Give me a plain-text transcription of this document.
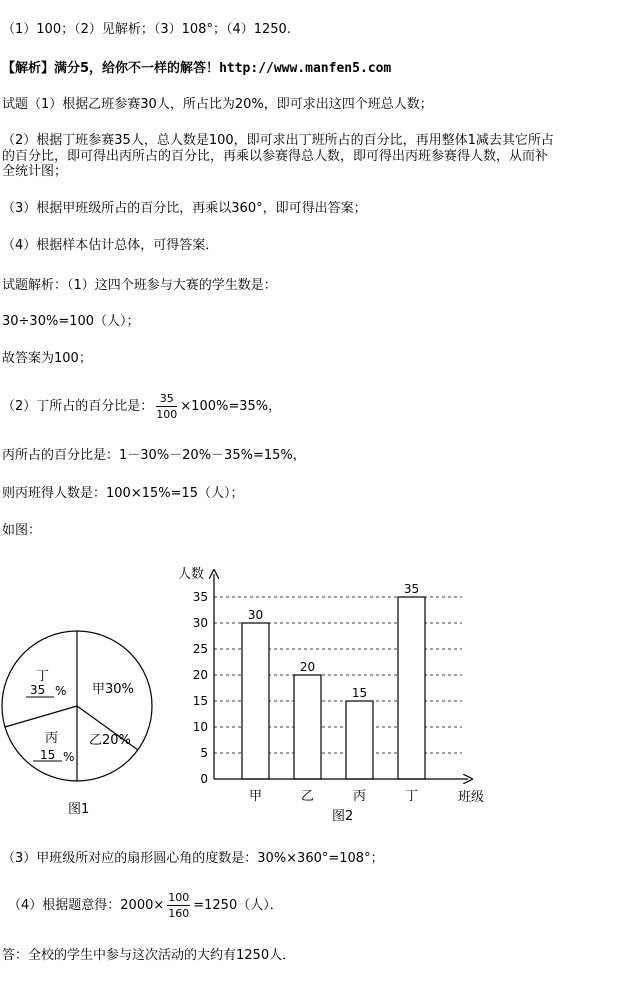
（1）100；（2）见解析；（3）108°；（4）1250.
【解析】满分5，给你不一样的解答！http://www.manfen5.com
试题（1）根据乙班参赛30人，所占比为20%，即可求出这四个班总人数；
（2）根据丁班参赛35人，总人数是100，即可求出丁班所占的百分比，再用整体1减去其它所占
的百分比，即可得出丙所占的百分比，再乘以参赛得总人数，即可得出丙班参赛得人数，从而补
全统计图；
（3）根据甲班级所占的百分比，再乘以360°，即可得出答案；
（4）根据样本估计总体，可得答案．
试题解析：（1）这四个班参与大赛的学生数是：
30÷30%=100（人）；
故答案为100；
（2）丁所占的百分比是： $\frac{35}{100} \times 100\%=35\%$，
丙所占的百分比是：1－30%－20%－35%=15%，
则丙班得人数是：100×15%=15（人）；
如图：
甲30%
乙20%
丙
15 %
丁
35 %
图1
30
20
15
35
0
5
10
15
20
25
30
35
甲	乙	丙	丁
人数
班级
图2
（3）甲班级所对应的扇形圆心角的度数是：30%×360°=108°；
（4）根据题意得：$2000\times \frac{100}{160} =1250$（人）．
答：全校的学生中参与这次活动的大约有1250人．
